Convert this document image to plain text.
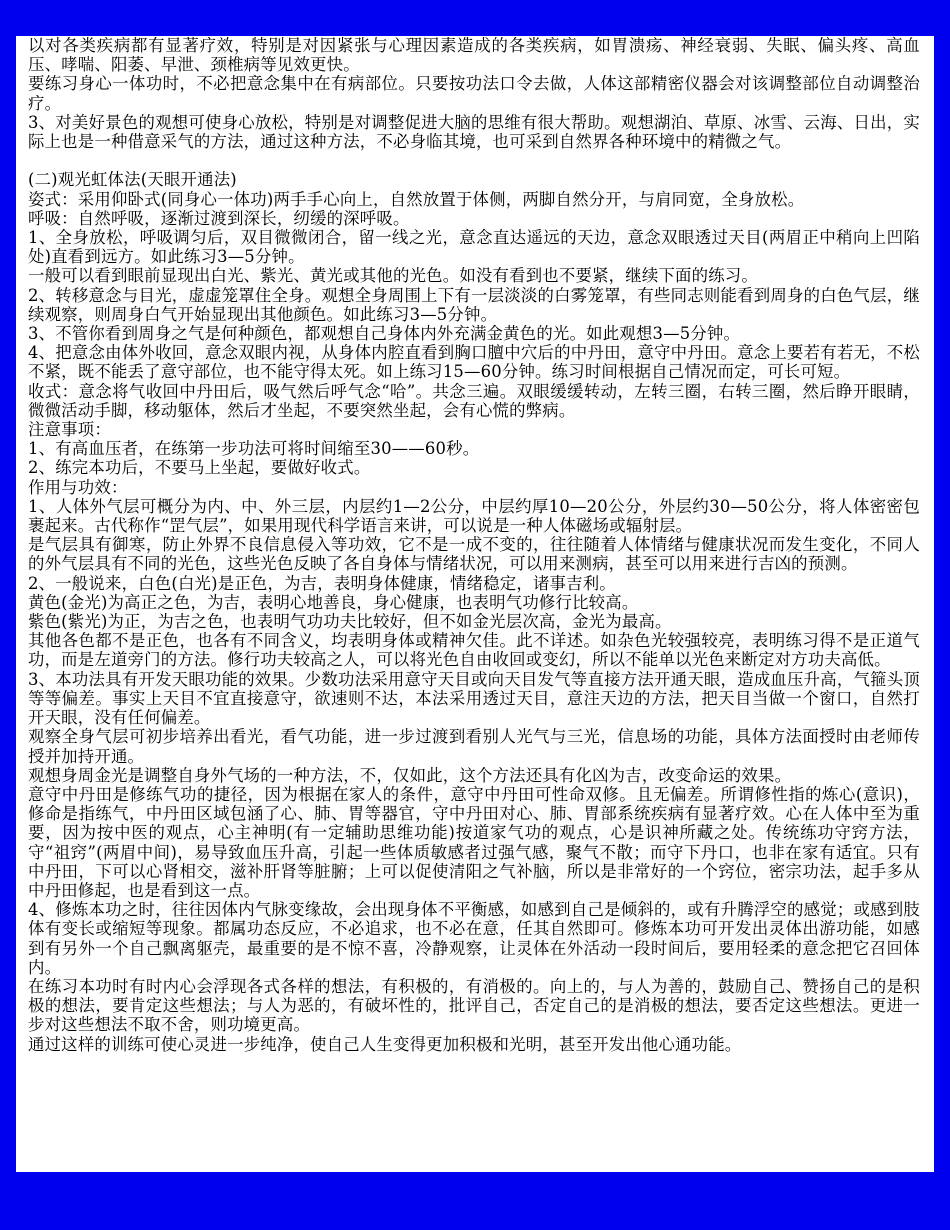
以对各类疾病都有显著疗效，特别是对因紧张与心理因素造成的各类疾病，如胃溃疡、神经衰弱、失眠、偏头疼、高血压、哮喘、阳萎、早泄、颈椎病等见效更快。

要练习身心一体功时，不必把意念集中在有病部位。只要按功法口令去做，人体这部精密仪器会对该调整部位自动调整治疗。

3、对美好景色的观想可使身心放松，特别是对调整促进大脑的思维有很大帮助。观想湖泊、草原、冰雪、云海、日出，实际上也是一种借意采气的方法，通过这种方法，不必身临其境，也可采到自然界各种环境中的精微之气。

(二)观光虹体法(天眼开通法)

姿式：采用仰卧式(同身心一体功)两手手心向上，自然放置于体侧，两脚自然分开，与肩同宽，全身放松。

呼吸：自然呼吸，逐渐过渡到深长，纫缓的深呼吸。

1、全身放松，呼吸调匀后，双目微微闭合，留一线之光，意念直达遥远的天边，意念双眼透过天目(两眉正中稍向上凹陷处)直看到远方。如此练习3—5分钟。

一般可以看到眼前显现出白光、紫光、黄光或其他的光色。如没有看到也不要紧，继续下面的练习。

2、转移意念与目光，虚虚笼罩住全身。观想全身周围上下有一层淡淡的白雾笼罩，有些同志则能看到周身的白色气层，继续观察，则周身白气开始显现出其他颜色。如此练习3—5分钟。

3、不管你看到周身之气是何种颜色，都观想自己身体内外充满金黄色的光。如此观想3—5分钟。

4、把意念由体外收回，意念双眼内视，从身体内腔直看到胸口膻中穴后的中丹田，意守中丹田。意念上要若有若无，不松不紧，既不能丢了意守部位，也不能守得太死。如上练习15—60分钟。练习时间根据自己情况而定，可长可短。

收式：意念将气收回中丹田后，吸气然后呼气念“哈”。共念三遍。双眼缓缓转动，左转三圈，右转三圈，然后睁开眼睛，微微活动手脚，移动躯体，然后才坐起，不要突然坐起，会有心慌的弊病。

注意事项：

1、有高血压者，在练第一步功法可将时间缩至30——60秒。

2、练完本功后，不要马上坐起，要做好收式。

作用与功效：

1、人体外气层可概分为内、中、外三层，内层约1—2公分，中层约厚10—20公分，外层约30—50公分，将人体密密包裹起来。古代称作“罡气层”，如果用现代科学语言来讲，可以说是一种人体磁场或辐射层。

是气层具有御寒，防止外界不良信息侵入等功效，它不是一成不变的，往往随着人体情绪与健康状况而发生变化，不同人的外气层具有不同的光色，这些光色反映了各自身体与情绪状况，可以用来测病，甚至可以用来进行吉凶的预测。

2、一般说来，白色(白光)是正色，为吉，表明身体健康，情绪稳定，诸事吉利。

黄色(金光)为高正之色，为吉，表明心地善良，身心健康，也表明气功修行比较高。

紫色(紫光)为正，为吉之色，也表明气功功夫比较好，但不如金光层次高，金光为最高。

其他各色都不是正色，也各有不同含义，均表明身体或精神欠佳。此不详述。如杂色光较强较亮，表明练习得不是正道气功，而是左道旁门的方法。修行功夫较高之人，可以将光色自由收回或变幻，所以不能单以光色来断定对方功夫高低。

3、本功法具有开发天眼功能的效果。少数功法采用意守天目或向天目发气等直接方法开通天眼，造成血压升高，气箍头顶等等偏差。事实上天目不宜直接意守，欲速则不达，本法采用透过天目，意注天边的方法，把天目当做一个窗口，自然打开天眼，没有任何偏差。

观察全身气层可初步培养出看光，看气功能，进一步过渡到看别人光气与三光，信息场的功能，具体方法面授时由老师传授并加持开通。

观想身周金光是调整自身外气场的一种方法，不，仅如此，这个方法还具有化凶为吉，改变命运的效果。

意守中丹田是修练气功的捷径，因为根据在家人的条件，意守中丹田可性命双修。且无偏差。所谓修性指的炼心(意识)，修命是指练气，中丹田区域包涵了心、肺、胃等器官，守中丹田对心、肺、胃部系统疾病有显著疗效。心在人体中至为重要，因为按中医的观点，心主神明(有一定辅助思维功能)按道家气功的观点，心是识神所藏之处。传统练功守窍方法，守“祖窍”(两眉中间)，易导致血压升高，引起一些体质敏感者过强气感，聚气不散；而守下丹口，也非在家有适宜。只有中丹田，下可以心肾相交，滋补肝肾等脏腑；上可以促使清阳之气补脑，所以是非常好的一个窍位，密宗功法，起手多从中丹田修起，也是看到这一点。

4、修炼本功之时，往往因体内气脉变缘故，会出现身体不平衡感，如感到自己是倾斜的，或有升腾浮空的感觉；或感到肢体有变长或缩短等现象。都属功态反应，不必追求，也不必在意，任其自然即可。修炼本功可开发出灵体出游功能，如感到有另外一个自己飘离躯壳，最重要的是不惊不喜，冷静观察，让灵体在外活动一段时间后，要用轻柔的意念把它召回体内。

在练习本功时有时内心会浮现各式各样的想法，有积极的，有消极的。向上的，与人为善的，鼓励自己、赞扬自己的是积极的想法，要肯定这些想法；与人为恶的，有破坏性的，批评自己，否定自己的是消极的想法，要否定这些想法。更进一步对这些想法不取不舍，则功境更高。

通过这样的训练可使心灵进一步纯净，使自己人生变得更加积极和光明，甚至开发出他心通功能。
